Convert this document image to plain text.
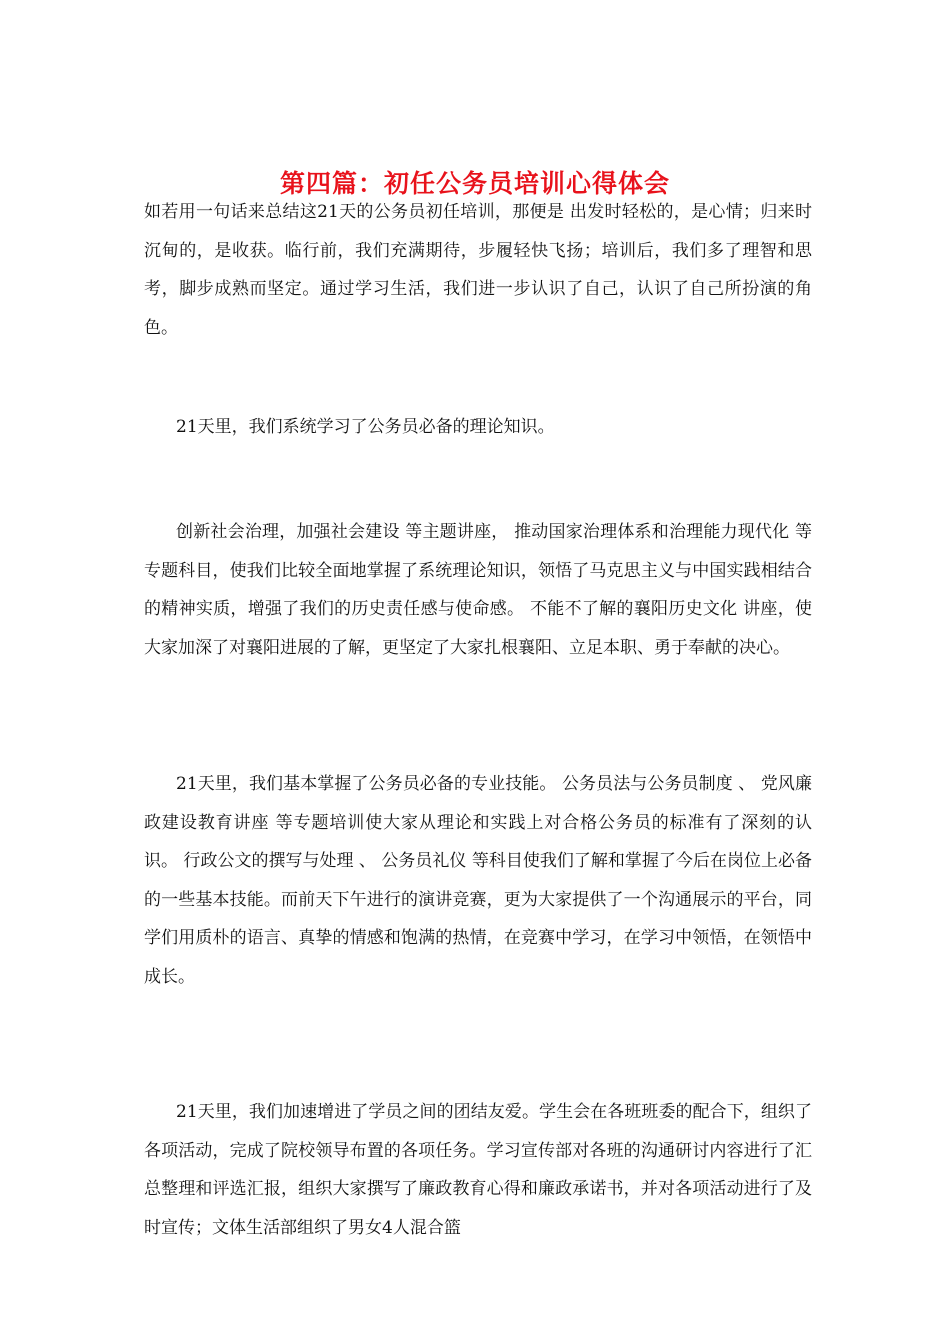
第四篇：初任公务员培训心得体会

如若用一句话来总结这21天的公务员初任培训，那便是 出发时轻松的，是心情；归来时沉甸的，是收获。临行前，我们充满期待，步履轻快飞扬；培训后，我们多了理智和思考，脚步成熟而坚定。通过学习生活，我们进一步认识了自己，认识了自己所扮演的角色。

21天里，我们系统学习了公务员必备的理论知识。

创新社会治理，加强社会建设 等主题讲座， 推动国家治理体系和治理能力现代化 等专题科目，使我们比较全面地掌握了系统理论知识，领悟了马克思主义与中国实践相结合的精神实质，增强了我们的历史责任感与使命感。 不能不了解的襄阳历史文化 讲座，使大家加深了对襄阳进展的了解，更坚定了大家扎根襄阳、立足本职、勇于奉献的决心。

21天里，我们基本掌握了公务员必备的专业技能。 公务员法与公务员制度 、 党风廉政建设教育讲座 等专题培训使大家从理论和实践上对合格公务员的标准有了深刻的认识。 行政公文的撰写与处理 、 公务员礼仪 等科目使我们了解和掌握了今后在岗位上必备的一些基本技能。而前天下午进行的演讲竞赛，更为大家提供了一个沟通展示的平台，同学们用质朴的语言、真挚的情感和饱满的热情，在竞赛中学习，在学习中领悟，在领悟中成长。

21天里，我们加速增进了学员之间的团结友爱。学生会在各班班委的配合下，组织了各项活动，完成了院校领导布置的各项任务。学习宣传部对各班的沟通研讨内容进行了汇总整理和评选汇报，组织大家撰写了廉政教育心得和廉政承诺书，并对各项活动进行了及时宣传；文体生活部组织了男女4人混合篮
